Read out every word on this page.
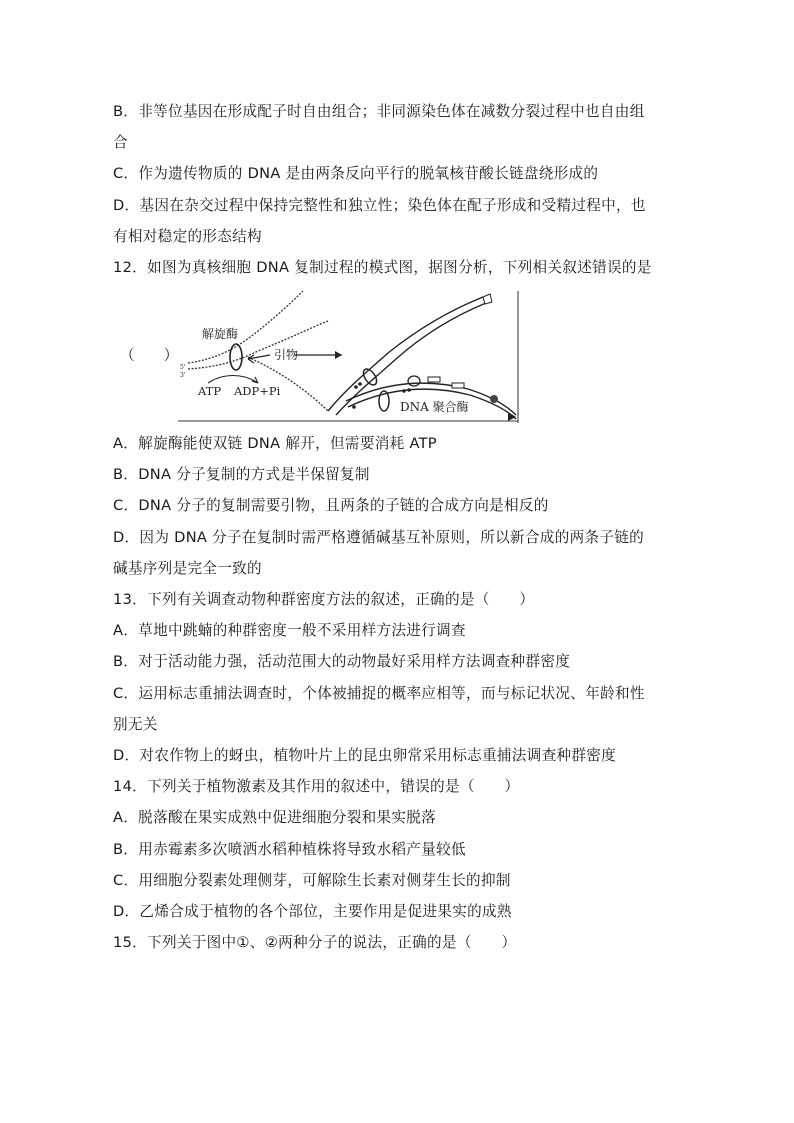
B．非等位基因在形成配子时自由组合；非同源染色体在减数分裂过程中也自由组
合
C．作为遗传物质的 DNA 是由两条反向平行的脱氧核苷酸长链盘绕形成的
D．基因在杂交过程中保持完整性和独立性；染色体在配子形成和受精过程中，也
有相对稳定的形态结构
12．如图为真核细胞 DNA 复制过程的模式图，据图分析，下列相关叙述错误的是
（　　）
解旋酶
引物
ATP ADP+Pi
5'
3'
DNA 聚合酶
A．解旋酶能使双链 DNA 解开，但需要消耗 ATP
B．DNA 分子复制的方式是半保留复制
C．DNA 分子的复制需要引物，且两条的子链的合成方向是相反的
D．因为 DNA 分子在复制时需严格遵循碱基互补原则，所以新合成的两条子链的
碱基序列是完全一致的
13．下列有关调查动物种群密度方法的叙述，正确的是（　　）
A．草地中跳蝻的种群密度一般不采用样方法进行调查
B．对于活动能力强，活动范围大的动物最好采用样方法调查种群密度
C．运用标志重捕法调查时，个体被捕捉的概率应相等，而与标记状况、年龄和性
别无关
D．对农作物上的蚜虫，植物叶片上的昆虫卵常采用标志重捕法调查种群密度
14．下列关于植物激素及其作用的叙述中，错误的是（　　）
A．脱落酸在果实成熟中促进细胞分裂和果实脱落
B．用赤霉素多次喷洒水稻种植株将导致水稻产量较低
C．用细胞分裂素处理侧芽，可解除生长素对侧芽生长的抑制
D．乙烯合成于植物的各个部位，主要作用是促进果实的成熟
15．下列关于图中①、②两种分子的说法，正确的是（　　）
